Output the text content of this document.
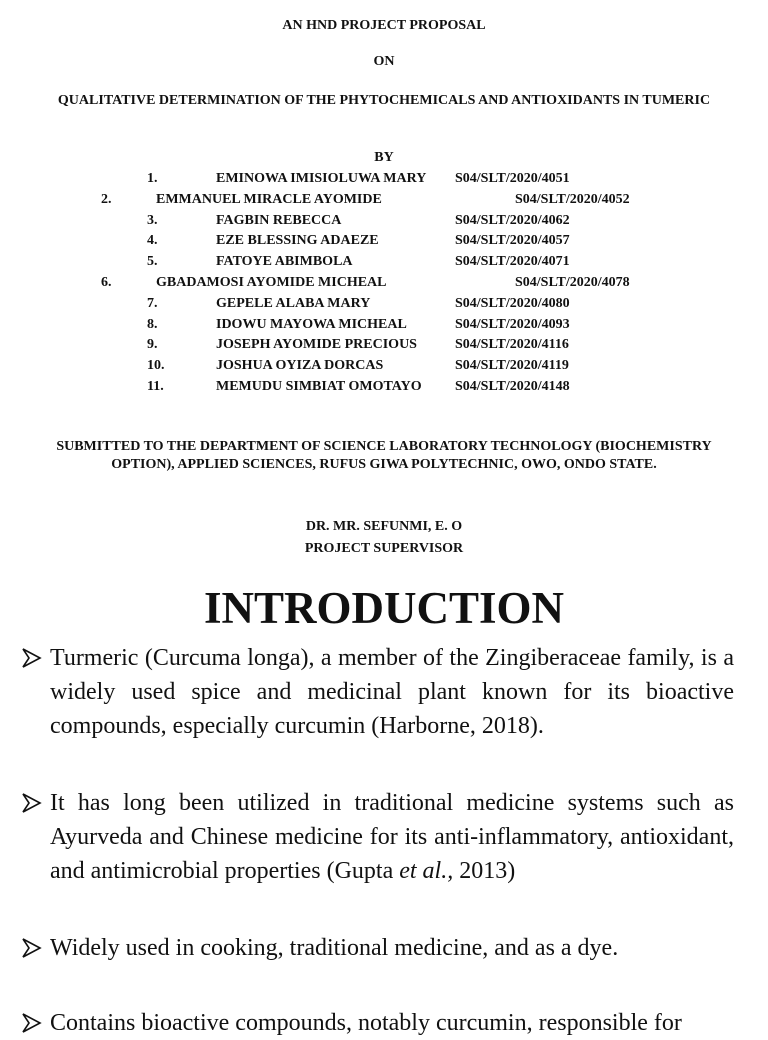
AN HND PROJECT PROPOSAL
ON
QUALITATIVE DETERMINATION OF THE PHYTOCHEMICALS AND ANTIOXIDANTS IN TUMERIC
BY
1.	EMINOWA IMISIOLUWA MARY S04/SLT/2020/4051
2.	EMMANUEL MIRACLE AYOMIDE	S04/SLT/2020/4052
3.	FAGBIN REBECCA	S04/SLT/2020/4062
4.	EZE BLESSING ADAEZE	S04/SLT/2020/4057
5.	FATOYE ABIMBOLA	S04/SLT/2020/4071
6.	GBADAMOSI AYOMIDE MICHEAL	S04/SLT/2020/4078
7.	GEPELE ALABA MARY	S04/SLT/2020/4080
8.	IDOWU MAYOWA MICHEAL	S04/SLT/2020/4093
9.	JOSEPH AYOMIDE PRECIOUS	S04/SLT/2020/4116
10.	JOSHUA OYIZA DORCAS	S04/SLT/2020/4119
11.	MEMUDU SIMBIAT OMOTAYO S04/SLT/2020/4148
SUBMITTED TO THE DEPARTMENT OF SCIENCE LABORATORY TECHNOLOGY (BIOCHEMISTRY OPTION), APPLIED SCIENCES, RUFUS GIWA POLYTECHNIC, OWO, ONDO STATE.
DR. MR. SEFUNMI, E. O
PROJECT SUPERVISOR
INTRODUCTION
Turmeric (Curcuma longa), a member of the Zingiberaceae family, is a widely used spice and medicinal plant known for its bioactive compounds, especially curcumin (Harborne, 2018).
It has long been utilized in traditional medicine systems such as Ayurveda and Chinese medicine for its anti-inflammatory, antioxidant, and antimicrobial properties (Gupta et al., 2013)
Widely used in cooking, traditional medicine, and as a dye.
Contains bioactive compounds, notably curcumin, responsible for
